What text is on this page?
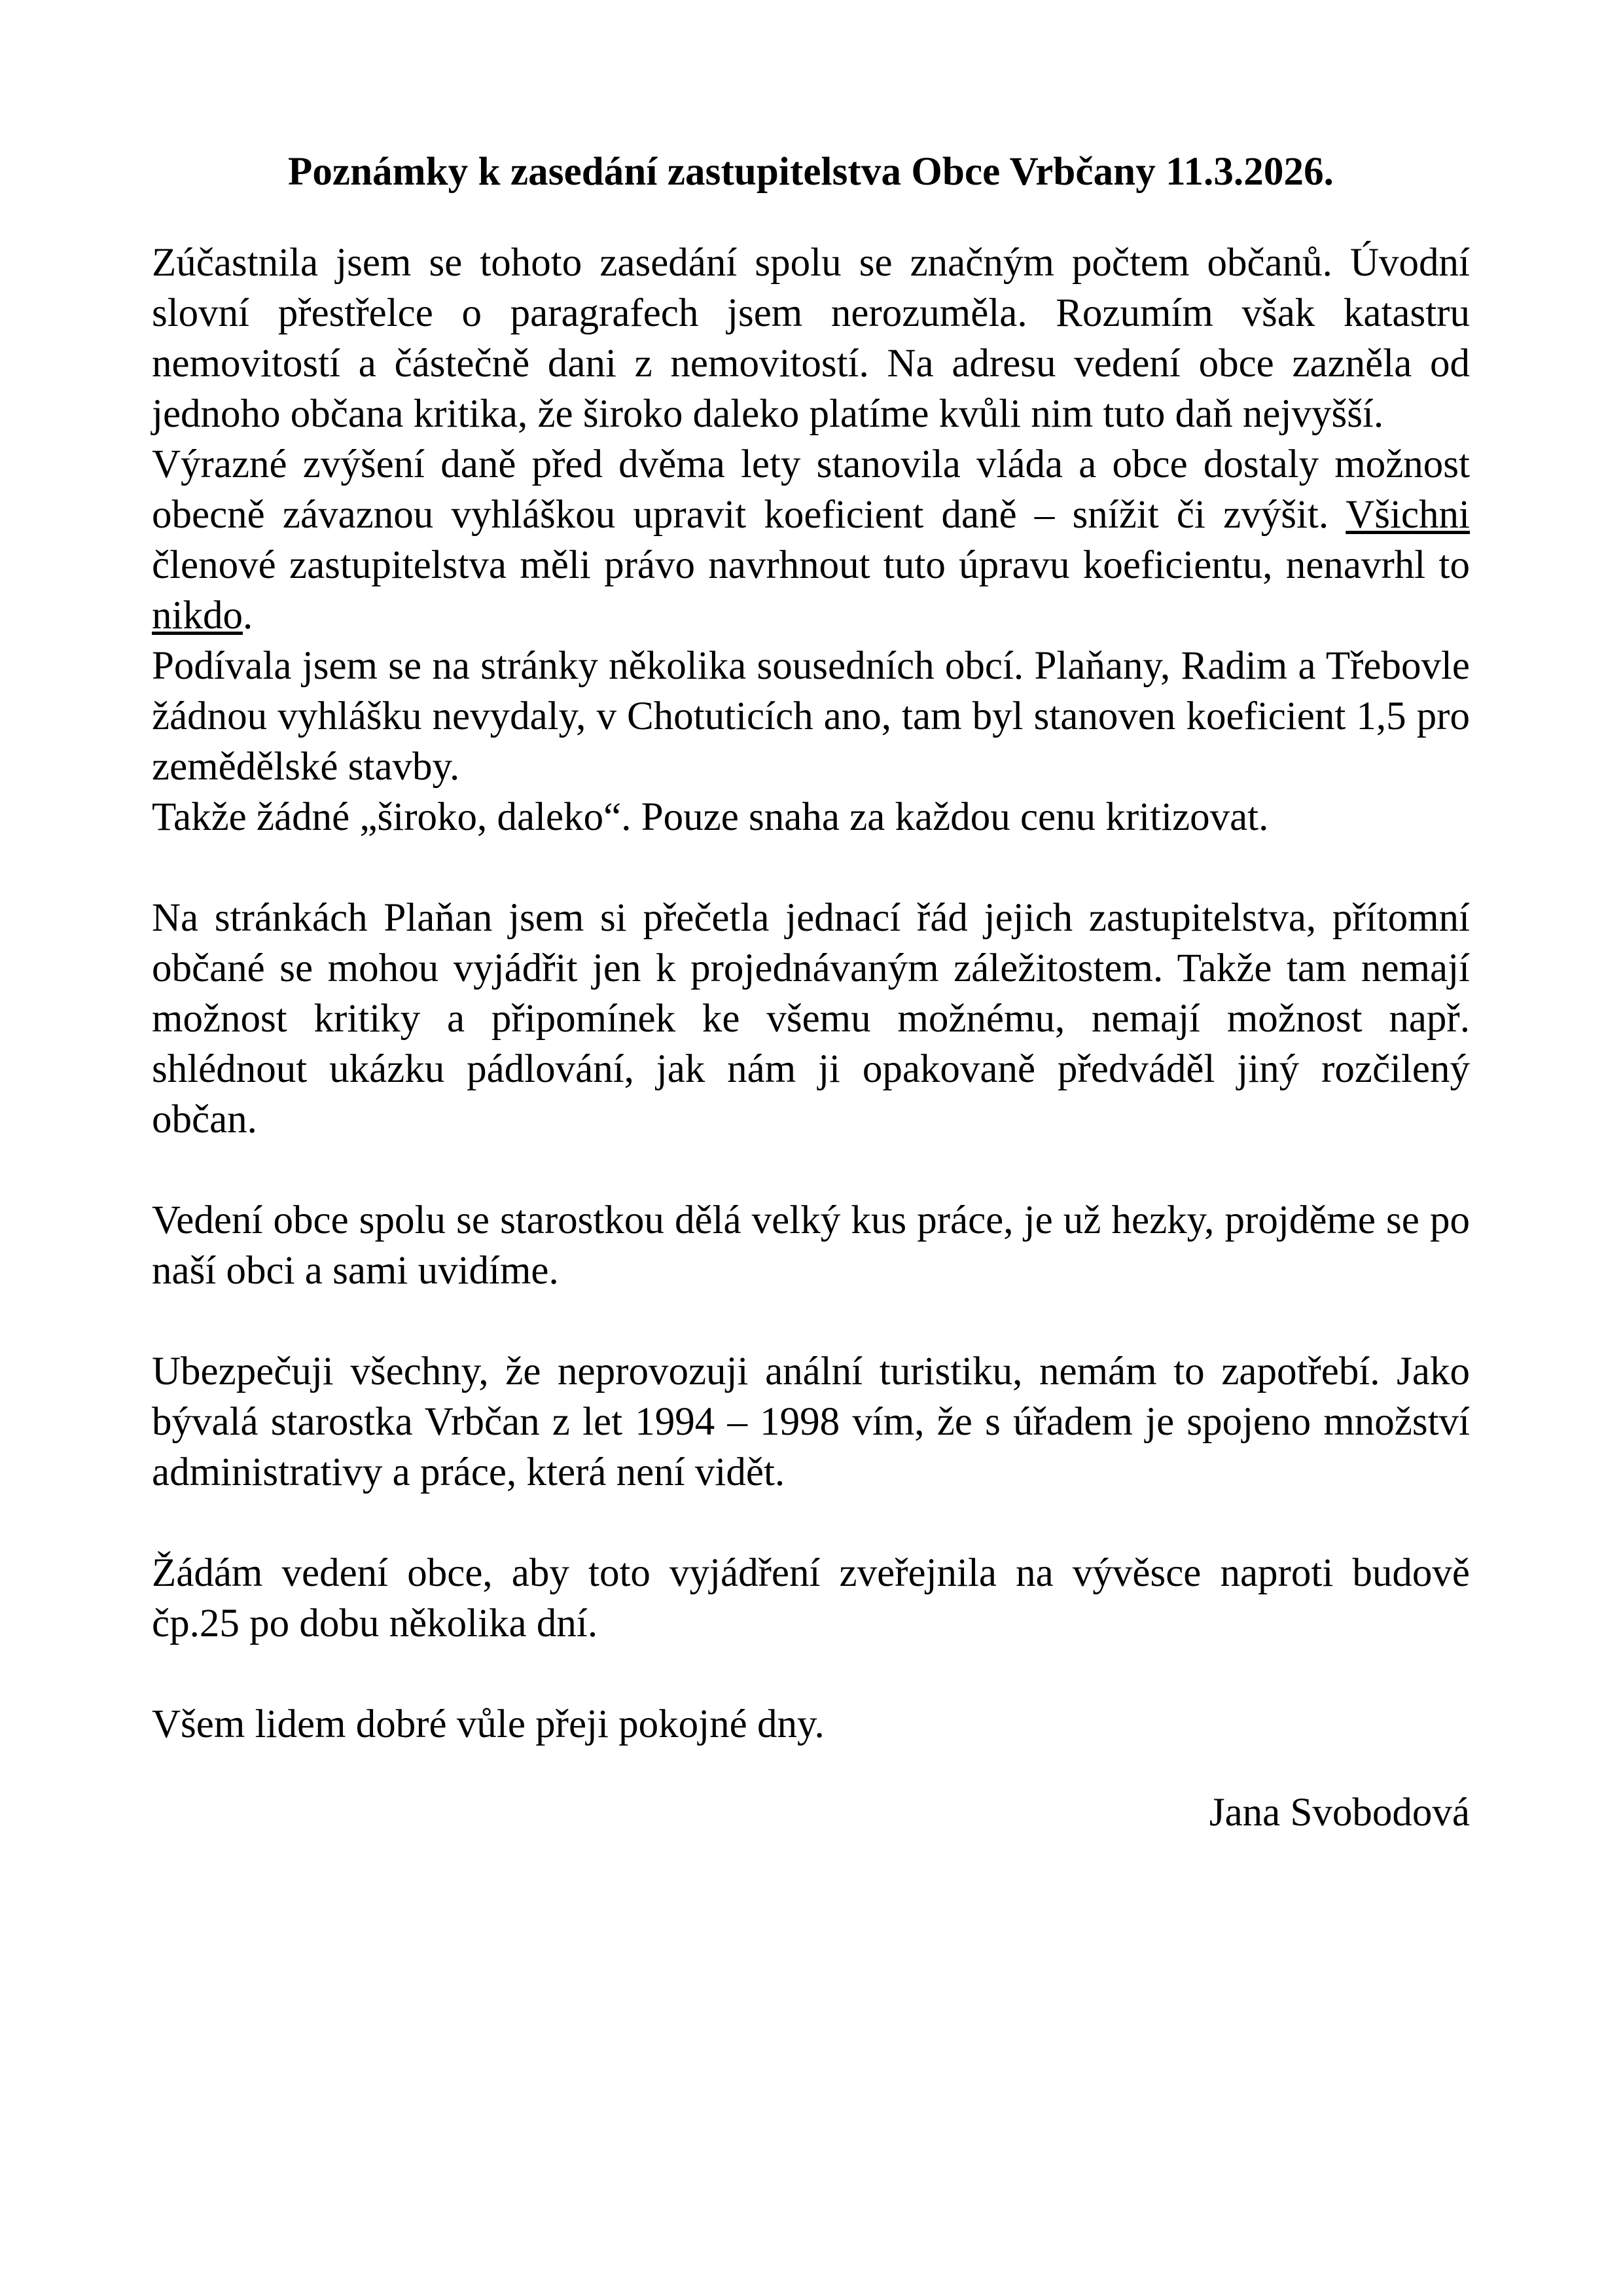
Poznámky k zasedání zastupitelstva Obce Vrbčany 11.3.2026.

Zúčastnila jsem se tohoto zasedání spolu se značným počtem občanů. Úvodní slovní přestřelce o paragrafech jsem nerozuměla. Rozumím však katastru nemovitostí a částečně dani z nemovitostí. Na adresu vedení obce zazněla od jednoho občana kritika, že široko daleko platíme kvůli nim tuto daň nejvyšší.

Výrazné zvýšení daně před dvěma lety stanovila vláda a obce dostaly možnost obecně závaznou vyhláškou upravit koeficient daně – snížit či zvýšit. Všichni členové zastupitelstva měli právo navrhnout tuto úpravu koeficientu, nenavrhl to nikdo.

Podívala jsem se na stránky několika sousedních obcí. Plaňany, Radim a Třebovle žádnou vyhlášku nevydaly, v Chotuticích ano, tam byl stanoven koeficient 1,5 pro zemědělské stavby.

Takže žádné „široko, daleko“. Pouze snaha za každou cenu kritizovat.

Na stránkách Plaňan jsem si přečetla jednací řád jejich zastupitelstva, přítomní občané se mohou vyjádřit jen k projednávaným záležitostem. Takže tam nemají možnost kritiky a připomínek ke všemu možnému, nemají možnost např. shlédnout ukázku pádlování, jak nám ji opakovaně předváděl jiný rozčilený občan.

Vedení obce spolu se starostkou dělá velký kus práce, je už hezky, projděme se po naší obci a sami uvidíme.

Ubezpečuji všechny, že neprovozuji anální turistiku, nemám to zapotřebí. Jako bývalá starostka Vrbčan z let 1994 – 1998 vím, že s úřadem je spojeno množství administrativy a práce, která není vidět.

Žádám vedení obce, aby toto vyjádření zveřejnila na vývěsce naproti budově čp.25 po dobu několika dní.

Všem lidem dobré vůle přeji pokojné dny.

Jana Svobodová
